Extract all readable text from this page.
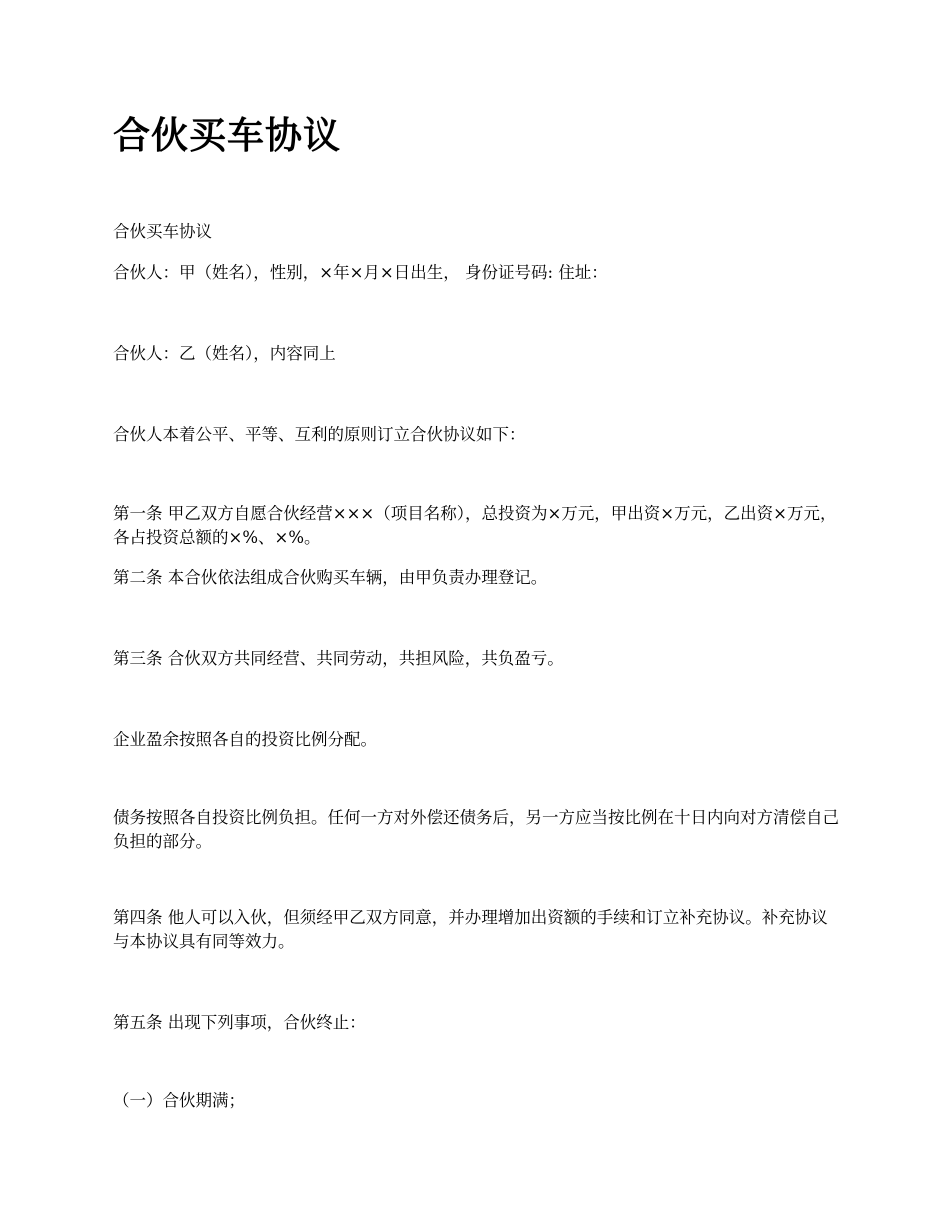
合伙买车协议

合伙买车协议

合伙人：甲（姓名），性别，×年×月×日出生， 身份证号码: 住址：

合伙人：乙（姓名），内容同上

合伙人本着公平、平等、互利的原则订立合伙协议如下：

第一条 甲乙双方自愿合伙经营×××（项目名称），总投资为×万元，甲出资×万元，乙出资×万元，各占投资总额的×%、×%。

第二条 本合伙依法组成合伙购买车辆，由甲负责办理登记。

第三条 合伙双方共同经营、共同劳动，共担风险，共负盈亏。

企业盈余按照各自的投资比例分配。

债务按照各自投资比例负担。任何一方对外偿还债务后，另一方应当按比例在十日内向对方清偿自己负担的部分。

第四条 他人可以入伙，但须经甲乙双方同意，并办理增加出资额的手续和订立补充协议。补充协议与本协议具有同等效力。

第五条 出现下列事项，合伙终止：

（一）合伙期满；
